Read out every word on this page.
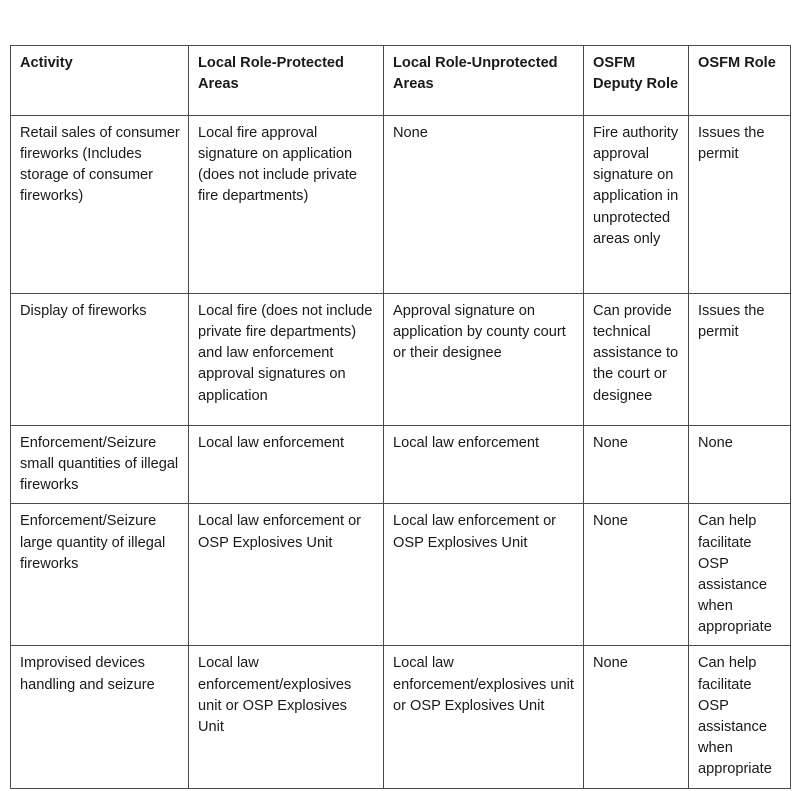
Activity	Local Role-Protected Areas	Local Role-Unprotected Areas	OSFM Deputy Role	OSFM Role
Retail sales of consumer fireworks (Includes storage of consumer fireworks)	Local fire approval signature on application (does not include private fire departments)	None	Fire authority approval signature on application in unprotected areas only	Issues the permit
Display of fireworks	Local fire (does not include private fire departments) and law enforcement approval signatures on application	Approval signature on application by county court or their designee	Can provide technical assistance to the court or designee	Issues the permit
Enforcement/Seizure small quantities of illegal fireworks	Local law enforcement	Local law enforcement	None	None
Enforcement/Seizure large quantity of illegal fireworks	Local law enforcement or OSP Explosives Unit	Local law enforcement or OSP Explosives Unit	None	Can help facilitate OSP assistance when appropriate
Improvised devices handling and seizure	Local law enforcement/explosives unit or OSP Explosives Unit	Local law enforcement/explosives unit or OSP Explosives Unit	None	Can help facilitate OSP assistance when appropriate
